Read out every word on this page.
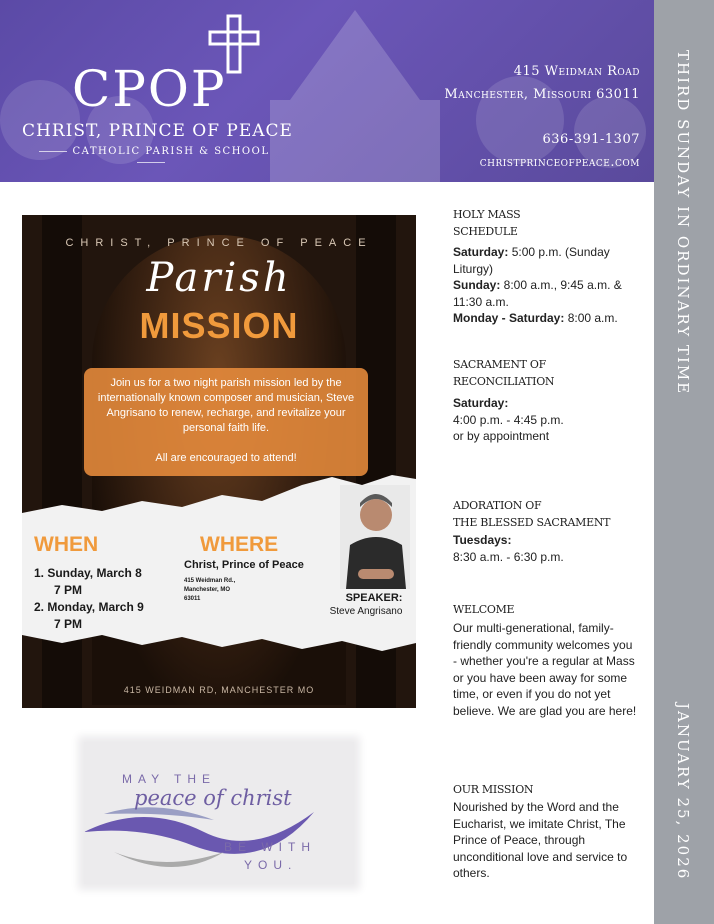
CPOP
CHRIST, PRINCE OF PEACE
CATHOLIC PARISH & SCHOOL
415 Weidman Road
Manchester, Missouri 63011
636-391-1307
christprinceofpeace.com THIRD SUNDAY IN ORDINARY TIME
JANUARY 25, 2026
CHRIST, PRINCE OF PEACE
Parish
MISSION
Join us for a two night parish mission led by the internationally known composer and musician, Steve Angrisano to renew, recharge, and revitalize your personal faith life.
All are encouraged to attend!
WHEN	WHERE
1. Sunday, March 8
7 PM
2. Monday, March 9
7 PM
Christ, Prince of Peace
415 Weidman Rd.,
Manchester, MO
63011	SPEAKER:
Steve Angrisano
415 WEIDMAN RD, MANCHESTER MO
MAY THE
peace of christ
BE WITH
YOU.
HOLY MASS
SCHEDULE
Saturday: 5:00 p.m. (Sunday Liturgy)
Sunday: 8:00 a.m., 9:45 a.m. & 11:30 a.m.
Monday - Saturday: 8:00 a.m.
SACRAMENT OF
RECONCILIATION
Saturday:
4:00 p.m. - 4:45 p.m.
or by appointment
ADORATION OF
THE BLESSED SACRAMENT
Tuesdays:
8:30 a.m. - 6:30 p.m.
WELCOME
Our multi-generational, family-friendly community welcomes you - whether you're a regular at Mass or you have been away for some time, or even if you do not yet believe. We are glad you are here!
OUR MISSION
Nourished by the Word and the Eucharist, we imitate Christ, The Prince of Peace, through unconditional love and service to others.
